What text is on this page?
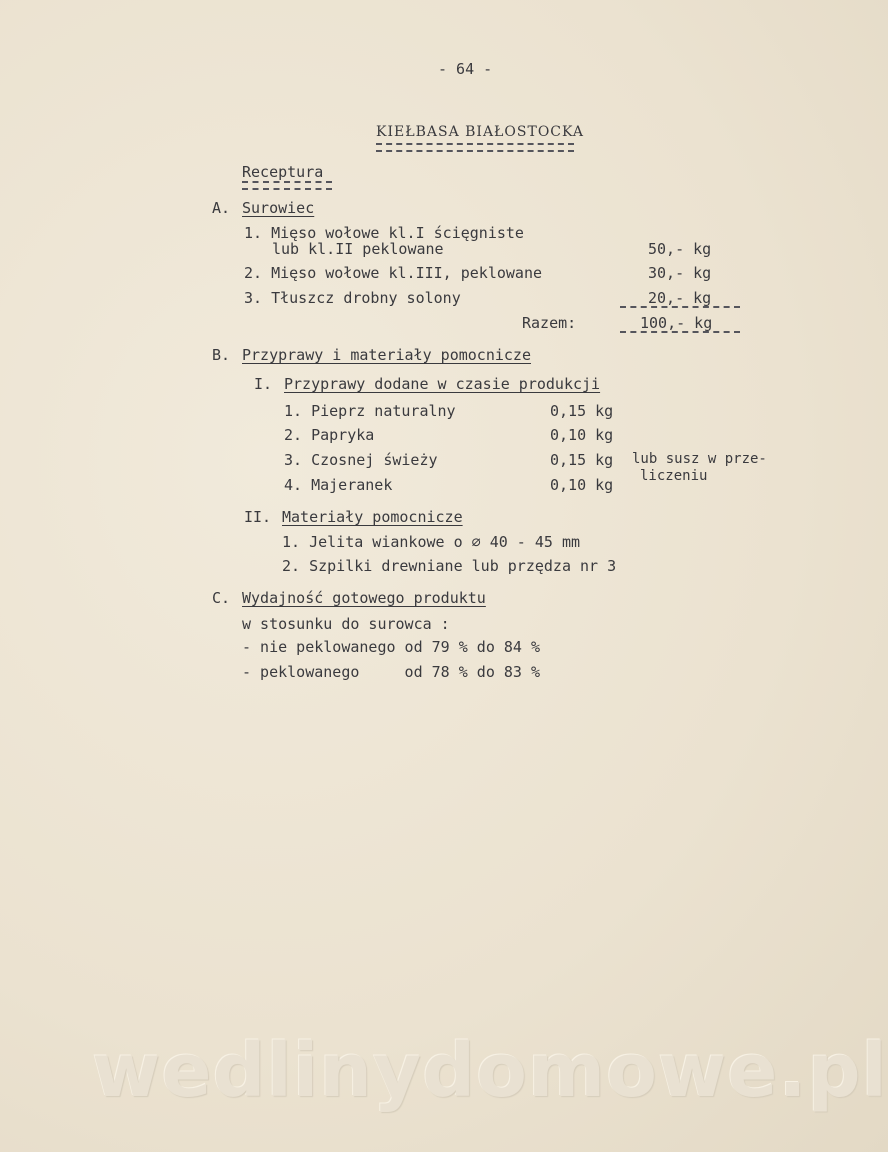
- 64 -
KIEŁBASA BIAŁOSTOCKA
Receptura
A. Surowiec
1. Mięso wołowe kl.I ścięgniste
lub kl.II peklowane	50,- kg
2. Mięso wołowe kl.III, peklowane	30,- kg
3. Tłuszcz drobny solony	20,- kg
Razem:	100,- kg
B. Przyprawy i materiały pomocnicze
I. Przyprawy dodane w czasie produkcji
1. Pieprz naturalny	0,15 kg
2. Papryka	0,10 kg
3. Czosnej świeży	0,15 kg lub susz w prze-
4. Majeranek	0,10 kg liczeniu
II. Materiały pomocnicze
1. Jelita wiankowe o ∅ 40 - 45 mm
2. Szpilki drewniane lub przędza nr 3
C. Wydajność gotowego produktu
w stosunku do surowca :
- nie peklowanego od 79 % do 84 %
- peklowanego     od 78 % do 83 %
wedlinydomowe.pl
